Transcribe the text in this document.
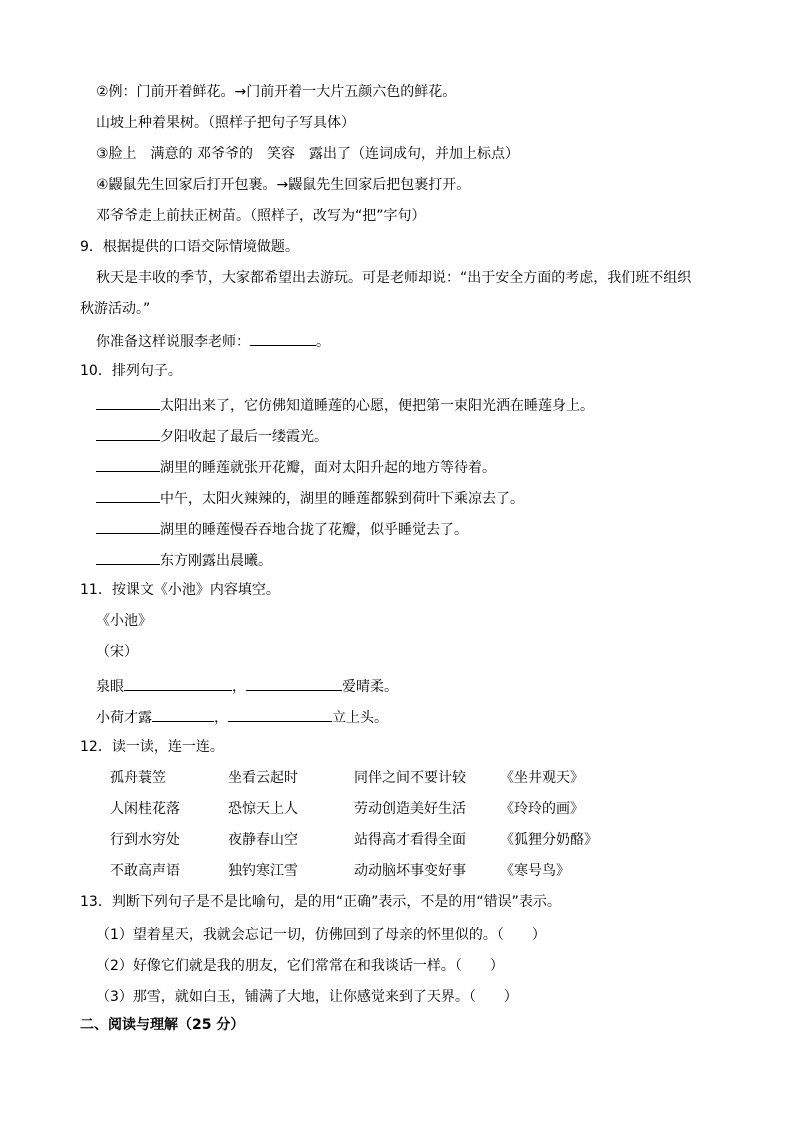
②例：门前开着鲜花。→门前开着一大片五颜六色的鲜花。
山坡上种着果树。（照样子把句子写具体）
③脸上　满意的 邓爷爷的　笑容　露出了（连词成句，并加上标点）
④鼹鼠先生回家后打开包裹。→鼹鼠先生回家后把包裹打开。
邓爷爷走上前扶正树苗。（照样子，改写为“把”字句）
9．根据提供的口语交际情境做题。
秋天是丰收的季节，大家都希望出去游玩。可是老师却说：“出于安全方面的考虑，我们班不组织
秋游活动。”
你准备这样说服李老师：	。
10．排列句子。
太阳出来了，它仿佛知道睡莲的心愿，便把第一束阳光洒在睡莲身上。
夕阳收起了最后一缕霞光。
湖里的睡莲就张开花瓣，面对太阳升起的地方等待着。
中午，太阳火辣辣的，湖里的睡莲都躲到荷叶下乘凉去了。
湖里的睡莲慢吞吞地合拢了花瓣，似乎睡觉去了。
东方刚露出晨曦。
11．按课文《小池》内容填空。
《小池》
（宋）
泉眼	，	爱晴柔。
小荷才露	，	立上头。
12．读一读，连一连。
孤舟蓑笠	坐看云起时	同伴之间不要计较 《坐井观天》
人闲桂花落	恐惊天上人	劳动创造美好生活 《玲玲的画》
行到水穷处	夜静春山空	站得高才看得全面 《狐狸分奶酪》
不敢高声语	独钓寒江雪	动动脑坏事变好事 《寒号鸟》
13．判断下列句子是不是比喻句，是的用“正确”表示，不是的用“错误”表示。
（1）望着星天，我就会忘记一切，仿佛回到了母亲的怀里似的。（　　）
（2）好像它们就是我的朋友，它们常常在和我谈话一样。（　　）
（3）那雪，就如白玉，铺满了大地，让你感觉来到了天界。（　　）
二、阅读与理解（25 分）
